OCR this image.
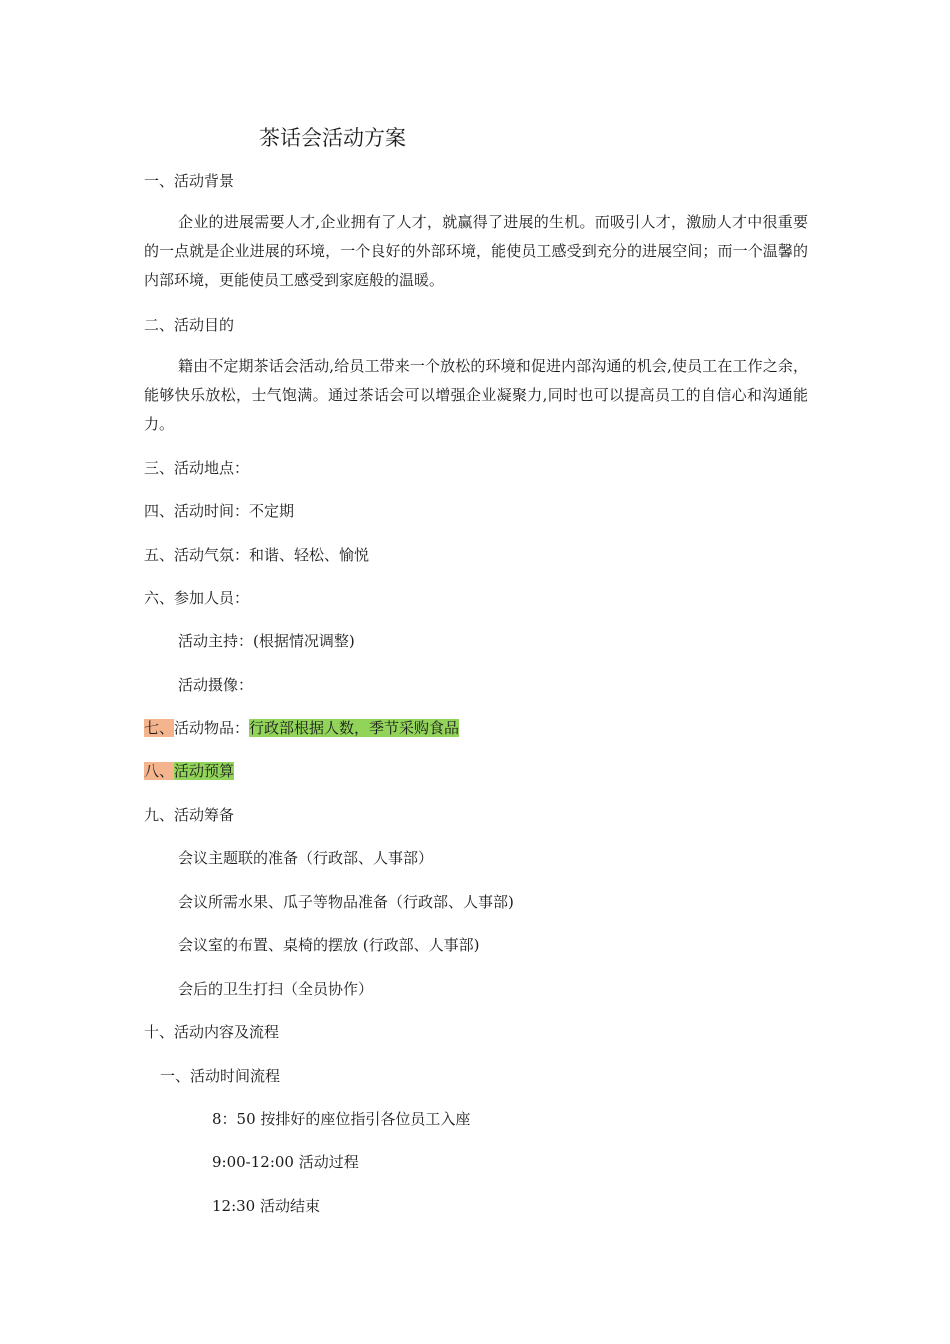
茶话会活动方案
一、活动背景
企业的进展需要人才,企业拥有了人才，就赢得了进展的生机。而吸引人才，激励人才中很重要的一点就是企业进展的环境，一个良好的外部环境，能使员工感受到充分的进展空间；而一个温馨的内部环境，更能使员工感受到家庭般的温暖。
二、活动目的
籍由不定期茶话会活动,给员工带来一个放松的环境和促进内部沟通的机会,使员工在工作之余，能够快乐放松，士气饱满。通过茶话会可以增强企业凝聚力,同时也可以提高员工的自信心和沟通能力。
三、活动地点：
四、活动时间：不定期
五、活动气氛：和谐、轻松、愉悦
六、参加人员：
活动主持：(根据情况调整)
活动摄像：
七、活动物品：行政部根据人数，季节采购食品
八、活动预算
九、活动筹备
会议主题联的准备（行政部、人事部）
会议所需水果、瓜子等物品准备（行政部、人事部)
会议室的布置、桌椅的摆放 (行政部、人事部)
会后的卫生打扫（全员协作）
十、活动内容及流程
一、活动时间流程
8：50 按排好的座位指引各位员工入座
9:00-12:00 活动过程
12:30 活动结束
